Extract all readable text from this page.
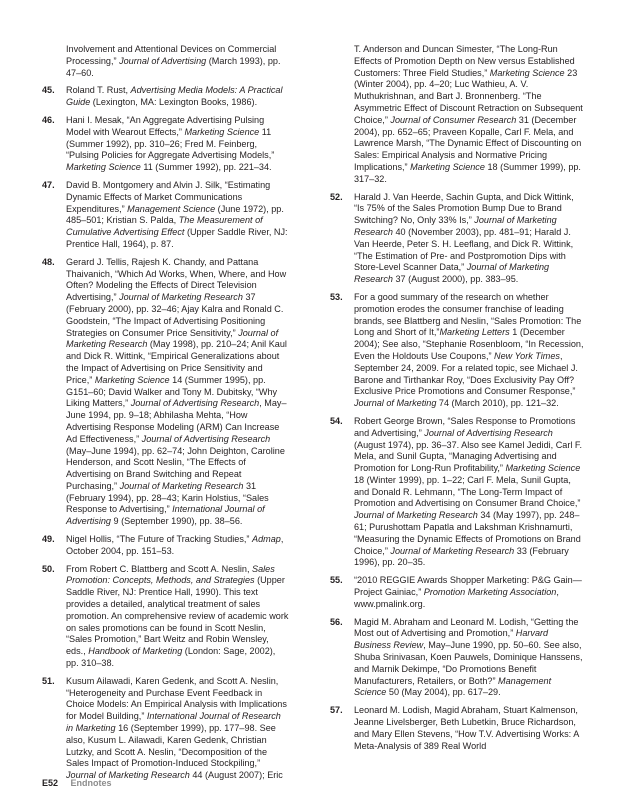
Involvement and Attentional Devices on Commercial Processing,” Journal of Advertising (March 1993), pp. 47–60.
45. Roland T. Rust, Advertising Media Models: A Practical Guide (Lexington, MA: Lexington Books, 1986).
46. Hani I. Mesak, “An Aggregate Advertising Pulsing Model with Wearout Effects,” Marketing Science 11 (Summer 1992), pp. 310–26; Fred M. Feinberg, “Pulsing Policies for Aggregate Advertising Models,” Marketing Science 11 (Summer 1992), pp. 221–34.
47. David B. Montgomery and Alvin J. Silk, “Estimating Dynamic Effects of Market Communications Expenditures,” Management Science (June 1972), pp. 485–501; Kristian S. Palda, The Measurement of Cumulative Advertising Effect (Upper Saddle River, NJ: Prentice Hall, 1964), p. 87.
48. Gerard J. Tellis, Rajesh K. Chandy, and Pattana Thaivanich, “Which Ad Works, When, Where, and How Often? Modeling the Effects of Direct Television Advertising,” Journal of Marketing Research 37 (February 2000), pp. 32–46; Ajay Kalra and Ronald C. Goodstein, “The Impact of Advertising Positioning Strategies on Consumer Price Sensitivity,” Journal of Marketing Research (May 1998), pp. 210–24; Anil Kaul and Dick R. Wittink, “Empirical Generalizations about the Impact of Advertising on Price Sensitivity and Price,” Marketing Science 14 (Summer 1995), pp. G151–60; David Walker and Tony M. Dubitsky, “Why Liking Matters,” Journal of Advertising Research, May–June 1994, pp. 9–18; Abhilasha Mehta, “How Advertising Response Modeling (ARM) Can Increase Ad Effectiveness,” Journal of Advertising Research (May–June 1994), pp. 62–74; John Deighton, Caroline Henderson, and Scott Neslin, “The Effects of Advertising on Brand Switching and Repeat Purchasing,” Journal of Marketing Research 31 (February 1994), pp. 28–43; Karin Holstius, “Sales Response to Advertising,” International Journal of Advertising 9 (September 1990), pp. 38–56.
49. Nigel Hollis, “The Future of Tracking Studies,” Admap, October 2004, pp. 151–53.
50. From Robert C. Blattberg and Scott A. Neslin, Sales Promotion: Concepts, Methods, and Strategies (Upper Saddle River, NJ: Prentice Hall, 1990). This text provides a detailed, analytical treatment of sales promotion. An comprehensive review of academic work on sales promotions can be found in Scott Neslin, “Sales Promotion,” Bart Weitz and Robin Wensley, eds., Handbook of Marketing (London: Sage, 2002), pp. 310–38.
51. Kusum Ailawadi, Karen Gedenk, and Scott A. Neslin, “Heterogeneity and Purchase Event Feedback in Choice Models: An Empirical Analysis with Implications for Model Building,” International Journal of Research in Marketing 16 (September 1999), pp. 177–98. See also, Kusum L. Ailawadi, Karen Gedenk, Christian Lutzky, and Scott A. Neslin, “Decomposition of the Sales Impact of Promotion-Induced Stockpiling,” Journal of Marketing Research 44 (August 2007); Eric
T. Anderson and Duncan Simester, “The Long-Run Effects of Promotion Depth on New versus Established Customers: Three Field Studies,” Marketing Science 23 (Winter 2004), pp. 4–20; Luc Wathieu, A. V. Muthukrishnan, and Bart J. Bronnenberg. “The Asymmetric Effect of Discount Retraction on Subsequent Choice,” Journal of Consumer Research 31 (December 2004), pp. 652–65; Praveen Kopalle, Carl F. Mela, and Lawrence Marsh, “The Dynamic Effect of Discounting on Sales: Empirical Analysis and Normative Pricing Implications,” Marketing Science 18 (Summer 1999), pp. 317–32.
52. Harald J. Van Heerde, Sachin Gupta, and Dick Wittink, “Is 75% of the Sales Promotion Bump Due to Brand Switching? No, Only 33% Is,” Journal of Marketing Research 40 (November 2003), pp. 481–91; Harald J. Van Heerde, Peter S. H. Leeflang, and Dick R. Wittink, “The Estimation of Pre- and Postpromotion Dips with Store-Level Scanner Data,” Journal of Marketing Research 37 (August 2000), pp. 383–95.
53. For a good summary of the research on whether promotion erodes the consumer franchise of leading brands, see Blattberg and Neslin, “Sales Promotion: The Long and Short of It,”Marketing Letters 1 (December 2004); See also, “Stephanie Rosenbloom, “In Recession, Even the Holdouts Use Coupons,” New York Times, September 24, 2009. For a related topic, see Michael J. Barone and Tirthankar Roy, “Does Exclusivity Pay Off? Exclusive Price Promotions and Consumer Response,” Journal of Marketing 74 (March 2010), pp. 121–32.
54. Robert George Brown, “Sales Response to Promotions and Advertising,” Journal of Advertising Research (August 1974), pp. 36–37. Also see Kamel Jedidi, Carl F. Mela, and Sunil Gupta, “Managing Advertising and Promotion for Long-Run Profitability,” Marketing Science 18 (Winter 1999), pp. 1–22; Carl F. Mela, Sunil Gupta, and Donald R. Lehmann, “The Long-Term Impact of Promotion and Advertising on Consumer Brand Choice,” Journal of Marketing Research 34 (May 1997), pp. 248–61; Purushottam Papatla and Lakshman Krishnamurti, “Measuring the Dynamic Effects of Promotions on Brand Choice,” Journal of Marketing Research 33 (February 1996), pp. 20–35.
55. “2010 REGGIE Awards Shopper Marketing: P&G Gain—Project Gainiac,” Promotion Marketing Association, www.pmalink.org.
56. Magid M. Abraham and Leonard M. Lodish, “Getting the Most out of Advertising and Promotion,” Harvard Business Review, May–June 1990, pp. 50–60. See also, Shuba Srinivasan, Koen Pauwels, Dominique Hanssens, and Marnik Dekimpe, “Do Promotions Benefit Manufacturers, Retailers, or Both?” Management Science 50 (May 2004), pp. 617–29.
57. Leonard M. Lodish, Magid Abraham, Stuart Kalmenson, Jeanne Livelsberger, Beth Lubetkin, Bruce Richardson, and Mary Ellen Stevens, “How T.V. Advertising Works: A Meta-Analysis of 389 Real World
E52 Endnotes
